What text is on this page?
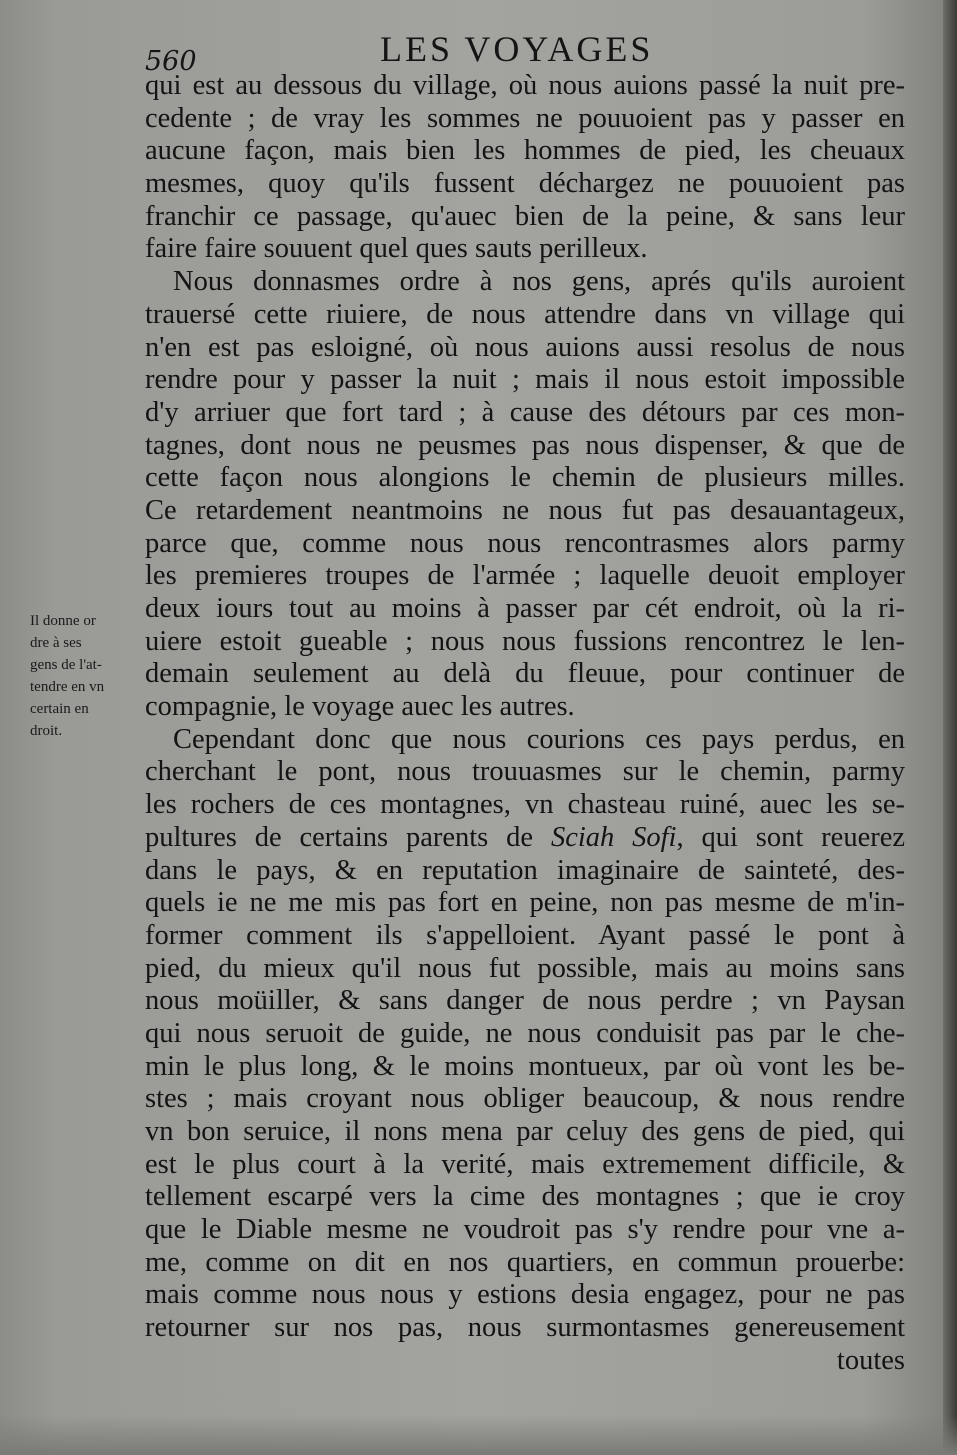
560	LES VOYAGES
Il donne or
dre à ses
gens de l'at-
tendre en vn
certain en
droit.
qui est au dessous du village, où nous auions passé la nuit pre-
cedente ; de vray les sommes ne pouuoient pas y passer en
aucune façon, mais bien les hommes de pied, les cheuaux
mesmes, quoy qu'ils fussent déchargez ne pouuoient pas
franchir ce passage, qu'auec bien de la peine, & sans leur
faire faire souuent quel ques sauts perilleux.
Nous donnasmes ordre à nos gens, aprés qu'ils auroient
trauersé cette riuiere, de nous attendre dans vn village qui
n'en est pas esloigné, où nous auions aussi resolus de nous
rendre pour y passer la nuit ; mais il nous estoit impossible
d'y arriuer que fort tard ; à cause des détours par ces mon-
tagnes, dont nous ne peusmes pas nous dispenser, & que de
cette façon nous alongions le chemin de plusieurs milles.
Ce retardement neantmoins ne nous fut pas desauantageux,
parce que, comme nous nous rencontrasmes alors parmy
les premieres troupes de l'armée ; laquelle deuoit employer
deux iours tout au moins à passer par cét endroit, où la ri-
uiere estoit gueable ; nous nous fussions rencontrez le len-
demain seulement au delà du fleuue, pour continuer de
compagnie, le voyage auec les autres.
Cependant donc que nous courions ces pays perdus, en
cherchant le pont, nous trouuasmes sur le chemin, parmy
les rochers de ces montagnes, vn chasteau ruiné, auec les se-
pultures de certains parents de Sciah Sofi, qui sont reuerez
dans le pays, & en reputation imaginaire de sainteté, des-
quels ie ne me mis pas fort en peine, non pas mesme de m'in-
former comment ils s'appelloient. Ayant passé le pont à
pied, du mieux qu'il nous fut possible, mais au moins sans
nous moüiller, & sans danger de nous perdre ; vn Paysan
qui nous seruoit de guide, ne nous conduisit pas par le che-
min le plus long, & le moins montueux, par où vont les be-
stes ; mais croyant nous obliger beaucoup, & nous rendre
vn bon seruice, il nons mena par celuy des gens de pied, qui
est le plus court à la verité, mais extremement difficile, &
tellement escarpé vers la cime des montagnes ; que ie croy
que le Diable mesme ne voudroit pas s'y rendre pour vne a-
me, comme on dit en nos quartiers, en commun prouerbe:
mais comme nous nous y estions desia engagez, pour ne pas
retourner sur nos pas, nous surmontasmes genereusement
toutes
